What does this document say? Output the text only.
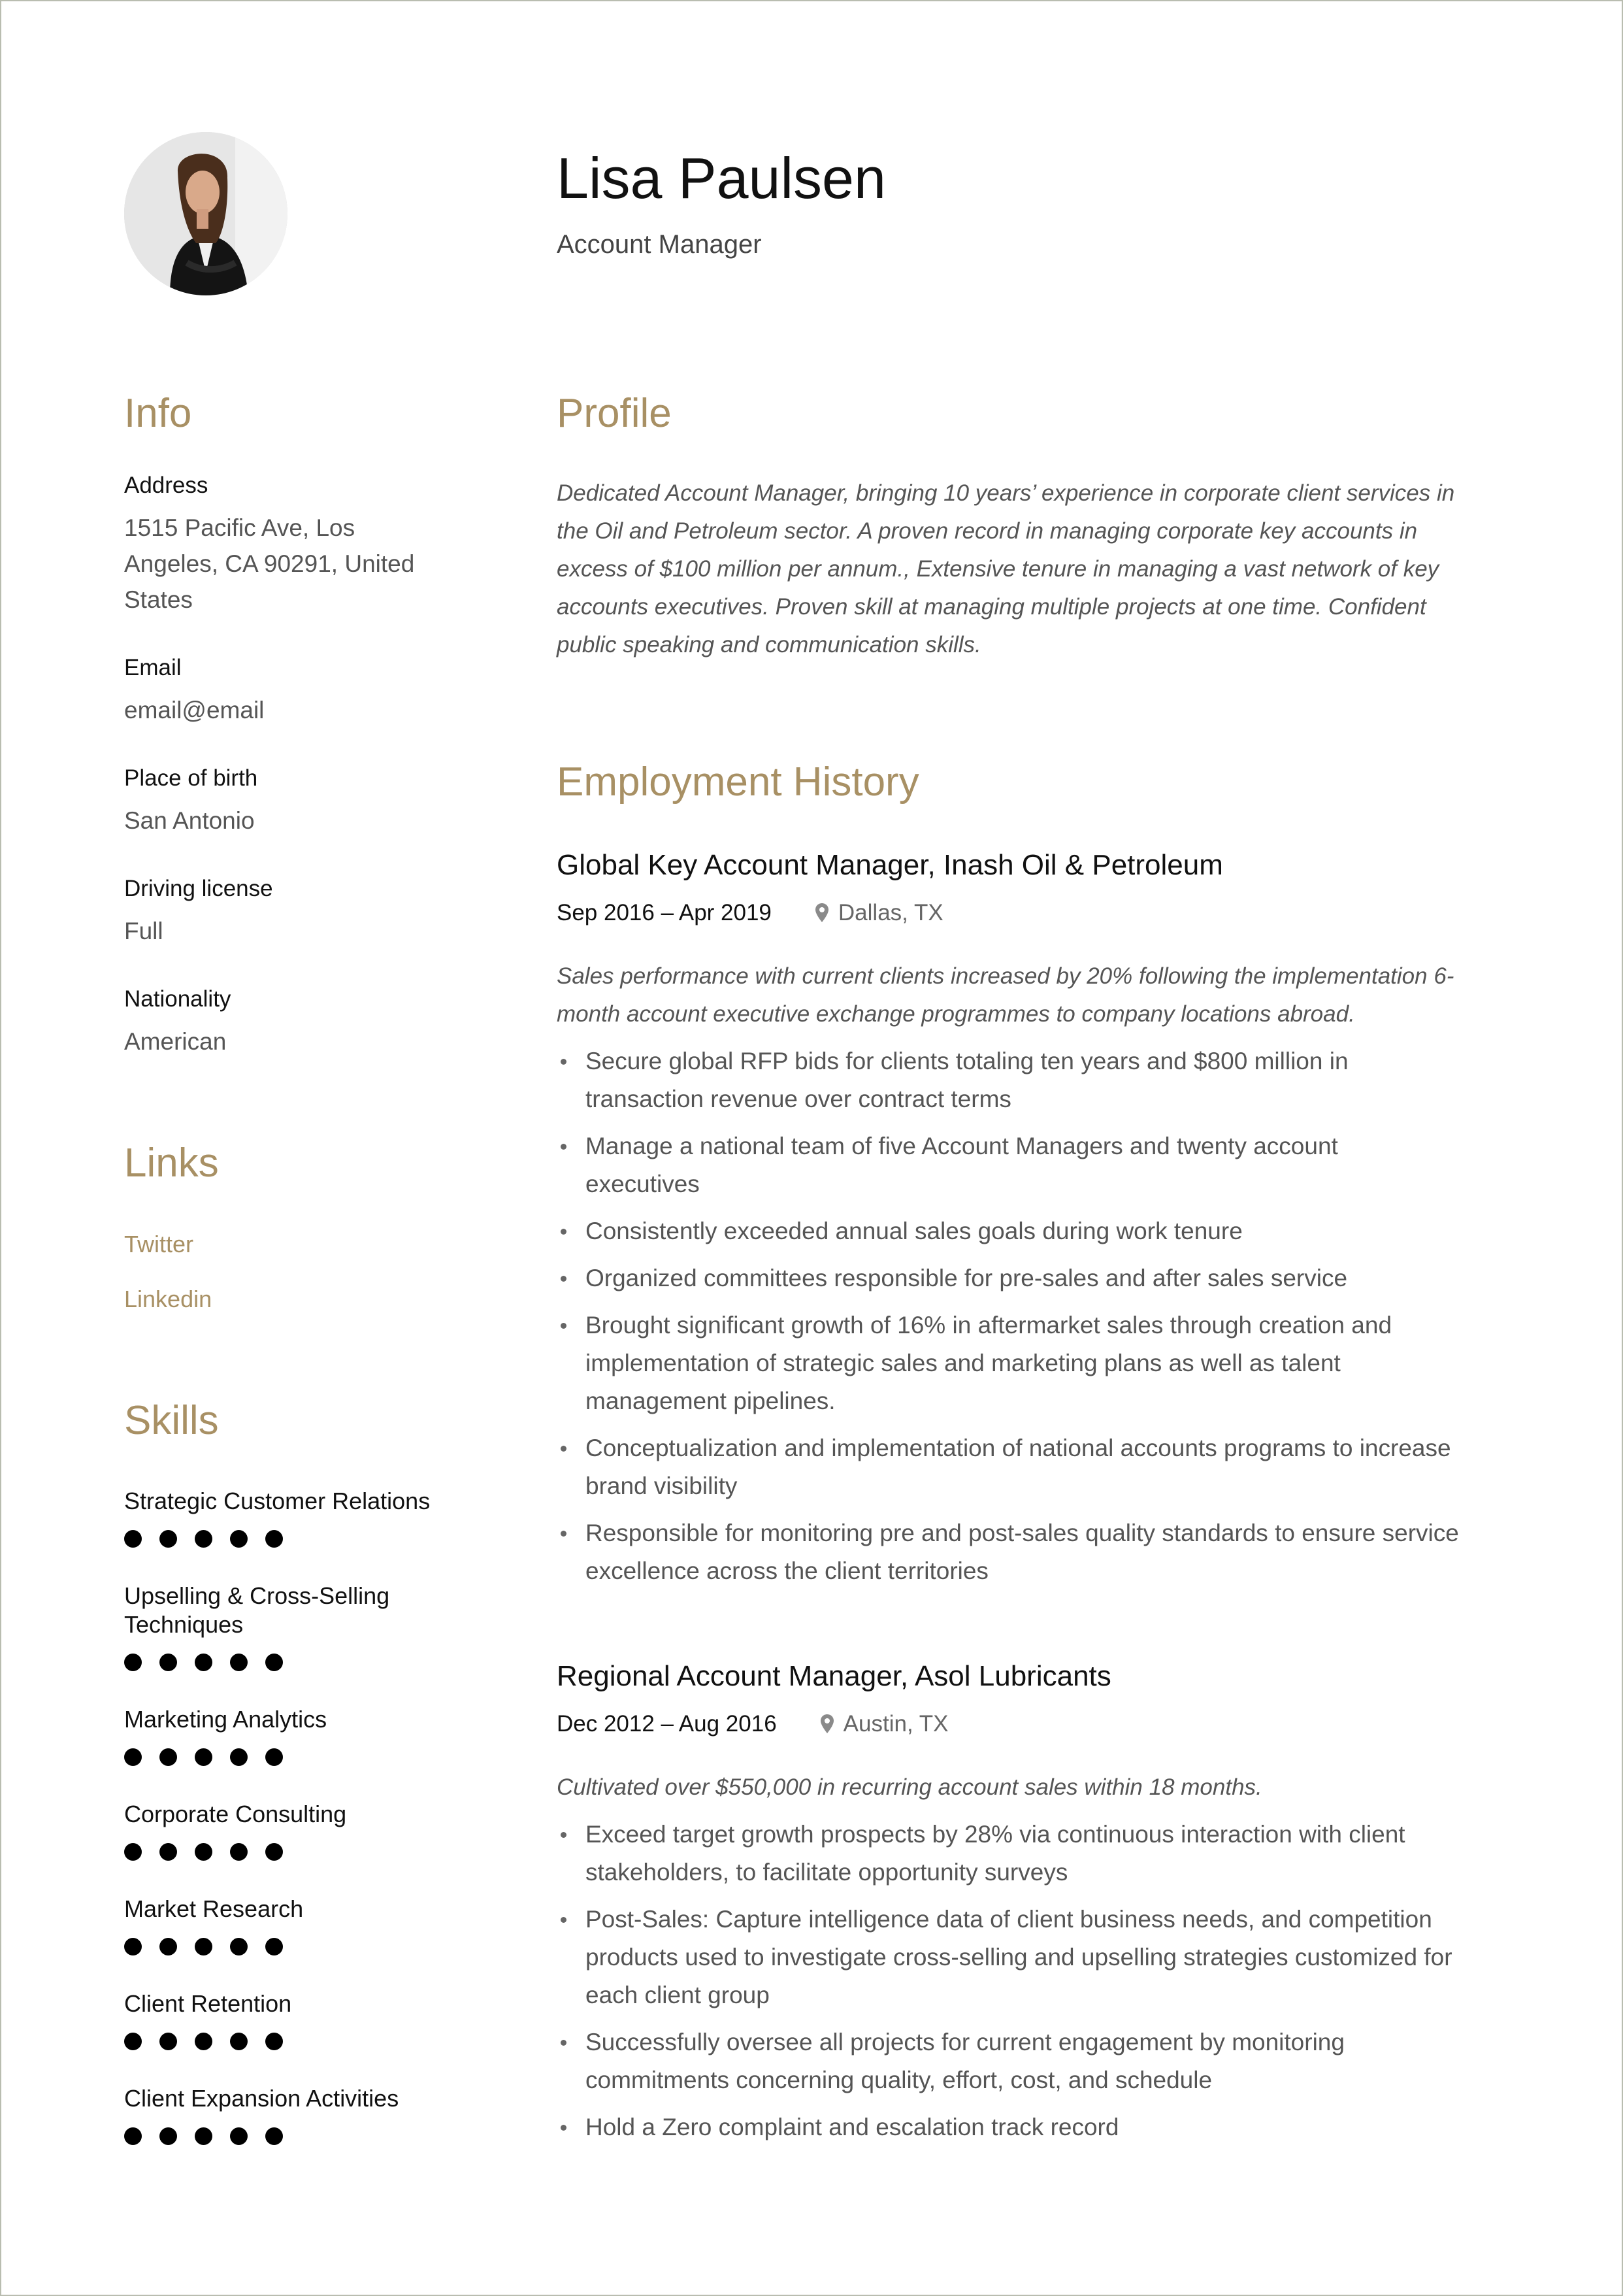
Lisa Paulsen
Account Manager
Info
Address
1515 Pacific Ave, Los
Angeles, CA 90291, United
States
Email
email@email
Place of birth
San Antonio
Driving license
Full
Nationality
American
Links
Twitter
Linkedin
Skills
Strategic Customer Relations
Upselling & Cross-Selling Techniques
Marketing Analytics
Corporate Consulting
Market Research
Client Retention
Client Expansion Activities
Profile
Dedicated Account Manager, bringing 10 years’ experience in corporate client services in
the Oil and Petroleum sector. A proven record in managing corporate key accounts in
excess of $100 million per annum., Extensive tenure in managing a vast network of key
accounts executives. Proven skill at managing multiple projects at one time. Confident
public speaking and communication skills.
Employment History
Global Key Account Manager, Inash Oil & Petroleum
Sep 2016 – Apr 2019	Dallas, TX
Sales performance with current clients increased by 20% following the implementation 6-
month account executive exchange programmes to company locations abroad.
Secure global RFP bids for clients totaling ten years and $800 million in
transaction revenue over contract terms
Manage a national team of five Account Managers and twenty account
executives
Consistently exceeded annual sales goals during work tenure
Organized committees responsible for pre-sales and after sales service
Brought significant growth of 16% in aftermarket sales through creation and
implementation of strategic sales and marketing plans as well as talent
management pipelines.
Conceptualization and implementation of national accounts programs to increase
brand visibility
Responsible for monitoring pre and post-sales quality standards to ensure service
excellence across the client territories
Regional Account Manager, Asol Lubricants
Dec 2012 – Aug 2016	Austin, TX
Cultivated over $550,000 in recurring account sales within 18 months.
Exceed target growth prospects by 28% via continuous interaction with client
stakeholders, to facilitate opportunity surveys
Post-Sales: Capture intelligence data of client business needs, and competition
products used to investigate cross-selling and upselling strategies customized for
each client group
Successfully oversee all projects for current engagement by monitoring
commitments concerning quality, effort, cost, and schedule
Hold a Zero complaint and escalation track record
